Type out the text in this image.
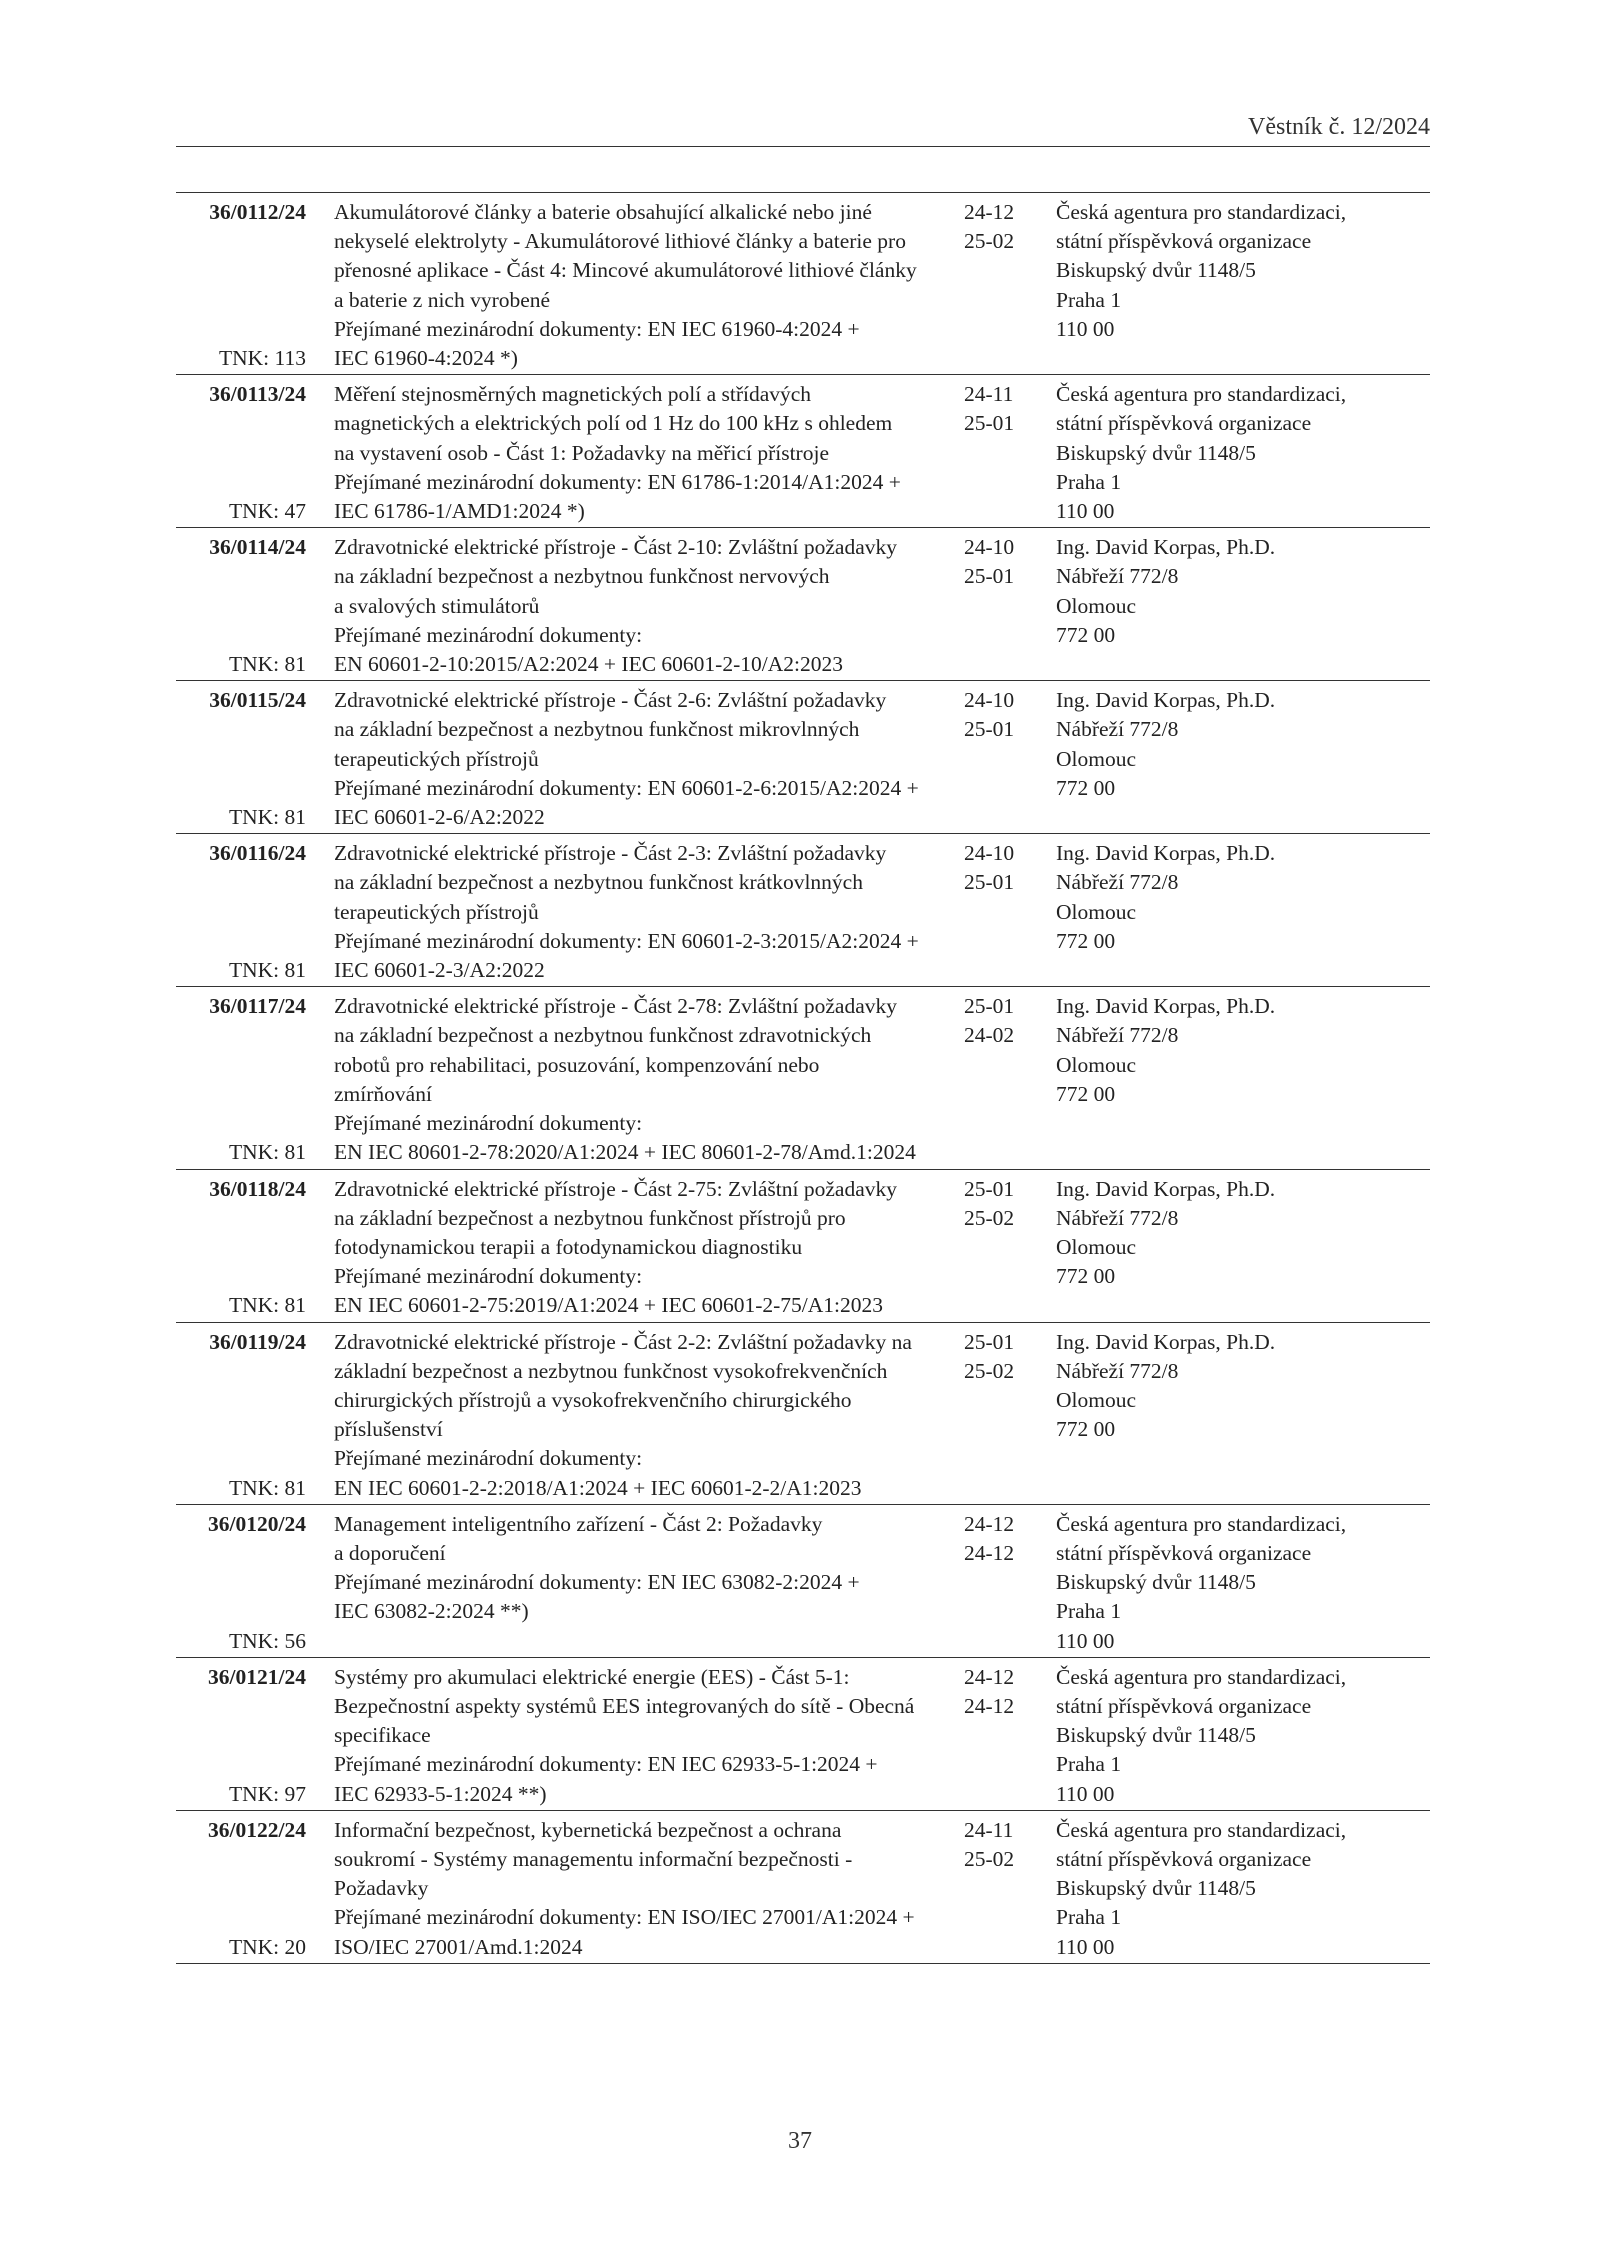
Věstník č. 12/2024
36/0112/24
TNK: 113
Akumulátorové články a baterie obsahující alkalické nebo jiné
nekyselé elektrolyty - Akumulátorové lithiové články a baterie pro
přenosné aplikace - Část 4: Mincové akumulátorové lithiové články
a baterie z nich vyrobené
Přejímané mezinárodní dokumenty: EN IEC 61960-4:2024 +
IEC 61960-4:2024 *)
24-12
25-02
Česká agentura pro standardizaci,
státní příspěvková organizace
Biskupský dvůr 1148/5
Praha 1
110 00
36/0113/24
TNK: 47
Měření stejnosměrných magnetických polí a střídavých
magnetických a elektrických polí od 1 Hz do 100 kHz s ohledem
na vystavení osob - Část 1: Požadavky na měřicí přístroje
Přejímané mezinárodní dokumenty: EN 61786-1:2014/A1:2024 +
IEC 61786-1/AMD1:2024 *)
24-11
25-01
Česká agentura pro standardizaci,
státní příspěvková organizace
Biskupský dvůr 1148/5
Praha 1
110 00
36/0114/24
TNK: 81
Zdravotnické elektrické přístroje - Část 2-10: Zvláštní požadavky
na základní bezpečnost a nezbytnou funkčnost nervových
a svalových stimulátorů
Přejímané mezinárodní dokumenty:
EN 60601-2-10:2015/A2:2024 + IEC 60601-2-10/A2:2023
24-10
25-01
Ing. David Korpas, Ph.D.
Nábřeží 772/8
Olomouc
772 00
36/0115/24
TNK: 81
Zdravotnické elektrické přístroje - Část 2-6: Zvláštní požadavky
na základní bezpečnost a nezbytnou funkčnost mikrovlnných
terapeutických přístrojů
Přejímané mezinárodní dokumenty: EN 60601-2-6:2015/A2:2024 +
IEC 60601-2-6/A2:2022
24-10
25-01
Ing. David Korpas, Ph.D.
Nábřeží 772/8
Olomouc
772 00
36/0116/24
TNK: 81
Zdravotnické elektrické přístroje - Část 2-3: Zvláštní požadavky
na základní bezpečnost a nezbytnou funkčnost krátkovlnných
terapeutických přístrojů
Přejímané mezinárodní dokumenty: EN 60601-2-3:2015/A2:2024 +
IEC 60601-2-3/A2:2022
24-10
25-01
Ing. David Korpas, Ph.D.
Nábřeží 772/8
Olomouc
772 00
36/0117/24
TNK: 81
Zdravotnické elektrické přístroje - Část 2-78: Zvláštní požadavky
na základní bezpečnost a nezbytnou funkčnost zdravotnických
robotů pro rehabilitaci, posuzování, kompenzování nebo
zmírňování
Přejímané mezinárodní dokumenty:
EN IEC 80601-2-78:2020/A1:2024 + IEC 80601-2-78/Amd.1:2024
25-01
24-02
Ing. David Korpas, Ph.D.
Nábřeží 772/8
Olomouc
772 00
36/0118/24
TNK: 81
Zdravotnické elektrické přístroje - Část 2-75: Zvláštní požadavky
na základní bezpečnost a nezbytnou funkčnost přístrojů pro
fotodynamickou terapii a fotodynamickou diagnostiku
Přejímané mezinárodní dokumenty:
EN IEC 60601-2-75:2019/A1:2024 + IEC 60601-2-75/A1:2023
25-01
25-02
Ing. David Korpas, Ph.D.
Nábřeží 772/8
Olomouc
772 00
36/0119/24
TNK: 81
Zdravotnické elektrické přístroje - Část 2-2: Zvláštní požadavky na
základní bezpečnost a nezbytnou funkčnost vysokofrekvenčních
chirurgických přístrojů a vysokofrekvenčního chirurgického
příslušenství
Přejímané mezinárodní dokumenty:
EN IEC 60601-2-2:2018/A1:2024 + IEC 60601-2-2/A1:2023
25-01
25-02
Ing. David Korpas, Ph.D.
Nábřeží 772/8
Olomouc
772 00
36/0120/24
TNK: 56
Management inteligentního zařízení - Část 2: Požadavky
a doporučení
Přejímané mezinárodní dokumenty: EN IEC 63082-2:2024 +
IEC 63082-2:2024 **)
24-12
24-12
Česká agentura pro standardizaci,
státní příspěvková organizace
Biskupský dvůr 1148/5
Praha 1
110 00
36/0121/24
TNK: 97
Systémy pro akumulaci elektrické energie (EES) - Část 5-1:
Bezpečnostní aspekty systémů EES integrovaných do sítě - Obecná
specifikace
Přejímané mezinárodní dokumenty: EN IEC 62933-5-1:2024 +
IEC 62933-5-1:2024 **)
24-12
24-12
Česká agentura pro standardizaci,
státní příspěvková organizace
Biskupský dvůr 1148/5
Praha 1
110 00
36/0122/24
TNK: 20
Informační bezpečnost, kybernetická bezpečnost a ochrana
soukromí - Systémy managementu informační bezpečnosti -
Požadavky
Přejímané mezinárodní dokumenty: EN ISO/IEC 27001/A1:2024 +
ISO/IEC 27001/Amd.1:2024
24-11
25-02
Česká agentura pro standardizaci,
státní příspěvková organizace
Biskupský dvůr 1148/5
Praha 1
110 00
37
